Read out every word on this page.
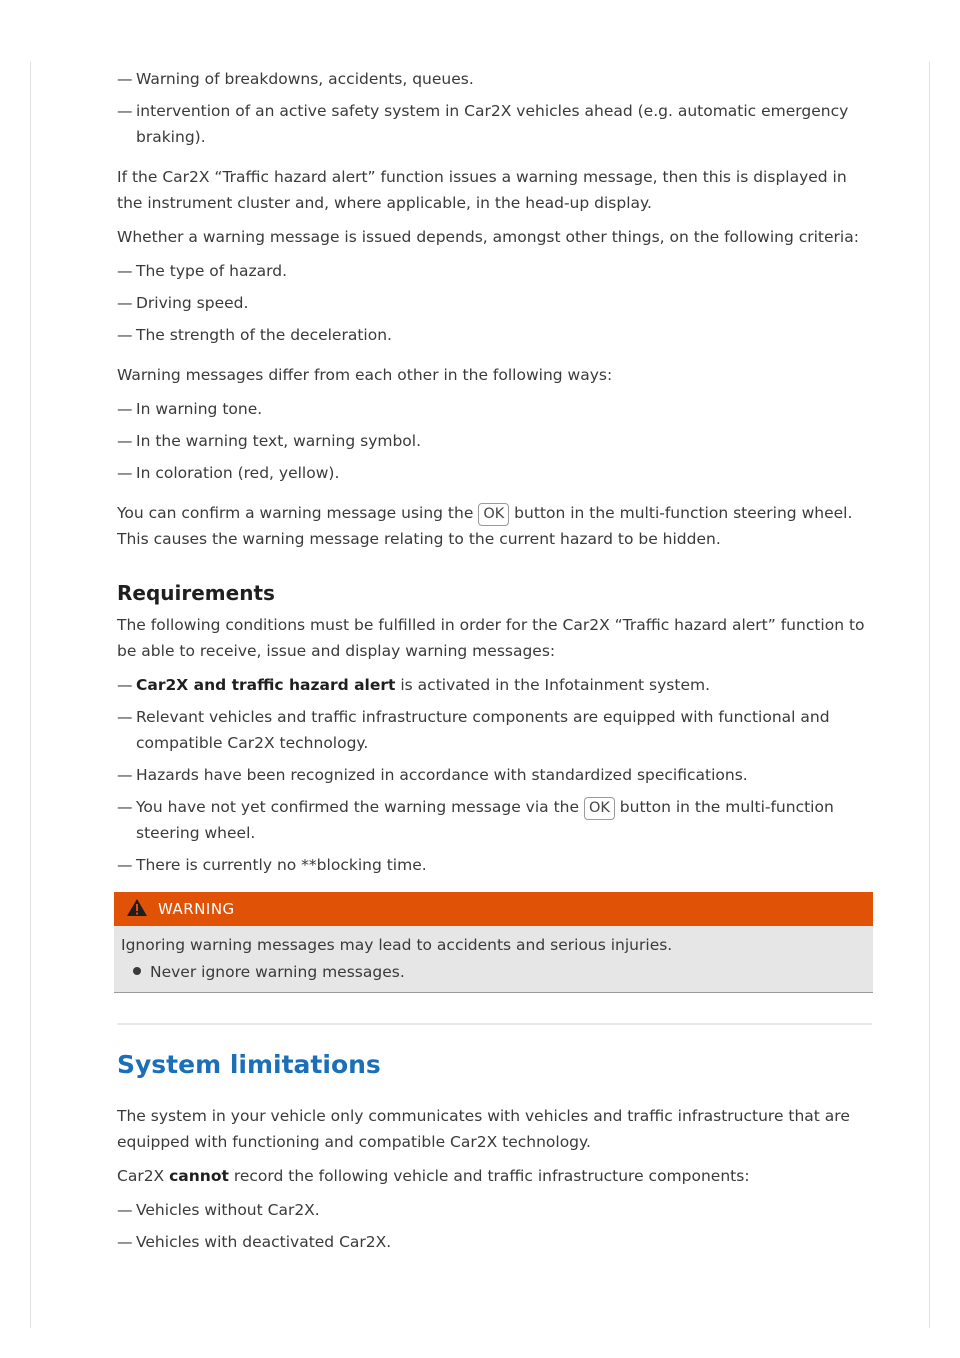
— Warning of breakdowns, accidents, queues.
— intervention of an active safety system in Car2X vehicles ahead (e.g. automatic emergency braking).

If the Car2X “Traffic hazard alert” function issues a warning message, then this is displayed in the instrument cluster and, where applicable, in the head-up display.

Whether a warning message is issued depends, amongst other things, on the following criteria:

— The type of hazard.
— Driving speed.
— The strength of the deceleration.

Warning messages differ from each other in the following ways:

— In warning tone.
— In the warning text, warning symbol.
— In coloration (red, yellow).

You can confirm a warning message using the OK button in the multi-function steering wheel.
This causes the warning message relating to the current hazard to be hidden.

Requirements

The following conditions must be fulfilled in order for the Car2X “Traffic hazard alert” function to be able to receive, issue and display warning messages:

— Car2X and traffic hazard alert is activated in the Infotainment system.
— Relevant vehicles and traffic infrastructure components are equipped with functional and compatible Car2X technology.
— Hazards have been recognized in accordance with standardized specifications.
— You have not yet confirmed the warning message via the OK button in the multi-function steering wheel.
— There is currently no **blocking time.
WARNING

Ignoring warning messages may lead to accidents and serious injuries.

Never ignore warning messages.
System limitations

The system in your vehicle only communicates with vehicles and traffic infrastructure that are equipped with functioning and compatible Car2X technology.

Car2X cannot record the following vehicle and traffic infrastructure components:

— Vehicles without Car2X.
— Vehicles with deactivated Car2X.
